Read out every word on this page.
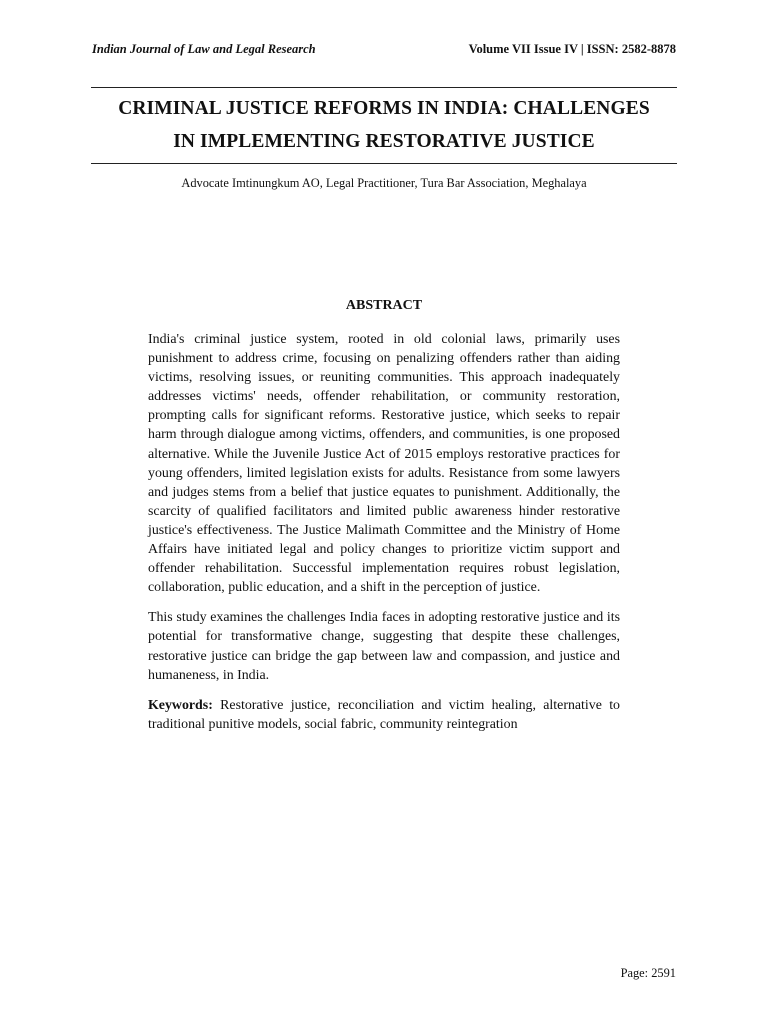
Indian Journal of Law and Legal Research	Volume VII Issue IV | ISSN: 2582-8878
CRIMINAL JUSTICE REFORMS IN INDIA: CHALLENGES
IN IMPLEMENTING RESTORATIVE JUSTICE
Advocate Imtinungkum AO, Legal Practitioner, Tura Bar Association, Meghalaya
ABSTRACT

India's criminal justice system, rooted in old colonial laws, primarily uses punishment to address crime, focusing on penalizing offenders rather than aiding victims, resolving issues, or reuniting communities. This approach inadequately addresses victims' needs, offender rehabilitation, or community restoration, prompting calls for significant reforms. Restorative justice, which seeks to repair harm through dialogue among victims, offenders, and communities, is one proposed alternative. While the Juvenile Justice Act of 2015 employs restorative practices for young offenders, limited legislation exists for adults. Resistance from some lawyers and judges stems from a belief that justice equates to punishment. Additionally, the scarcity of qualified facilitators and limited public awareness hinder restorative justice's effectiveness. The Justice Malimath Committee and the Ministry of Home Affairs have initiated legal and policy changes to prioritize victim support and offender rehabilitation. Successful implementation requires robust legislation, collaboration, public education, and a shift in the perception of justice.

This study examines the challenges India faces in adopting restorative justice and its potential for transformative change, suggesting that despite these challenges, restorative justice can bridge the gap between law and compassion, and justice and humaneness, in India.

Keywords: Restorative justice, reconciliation and victim healing, alternative to traditional punitive models, social fabric, community reintegration

Page: 2591
